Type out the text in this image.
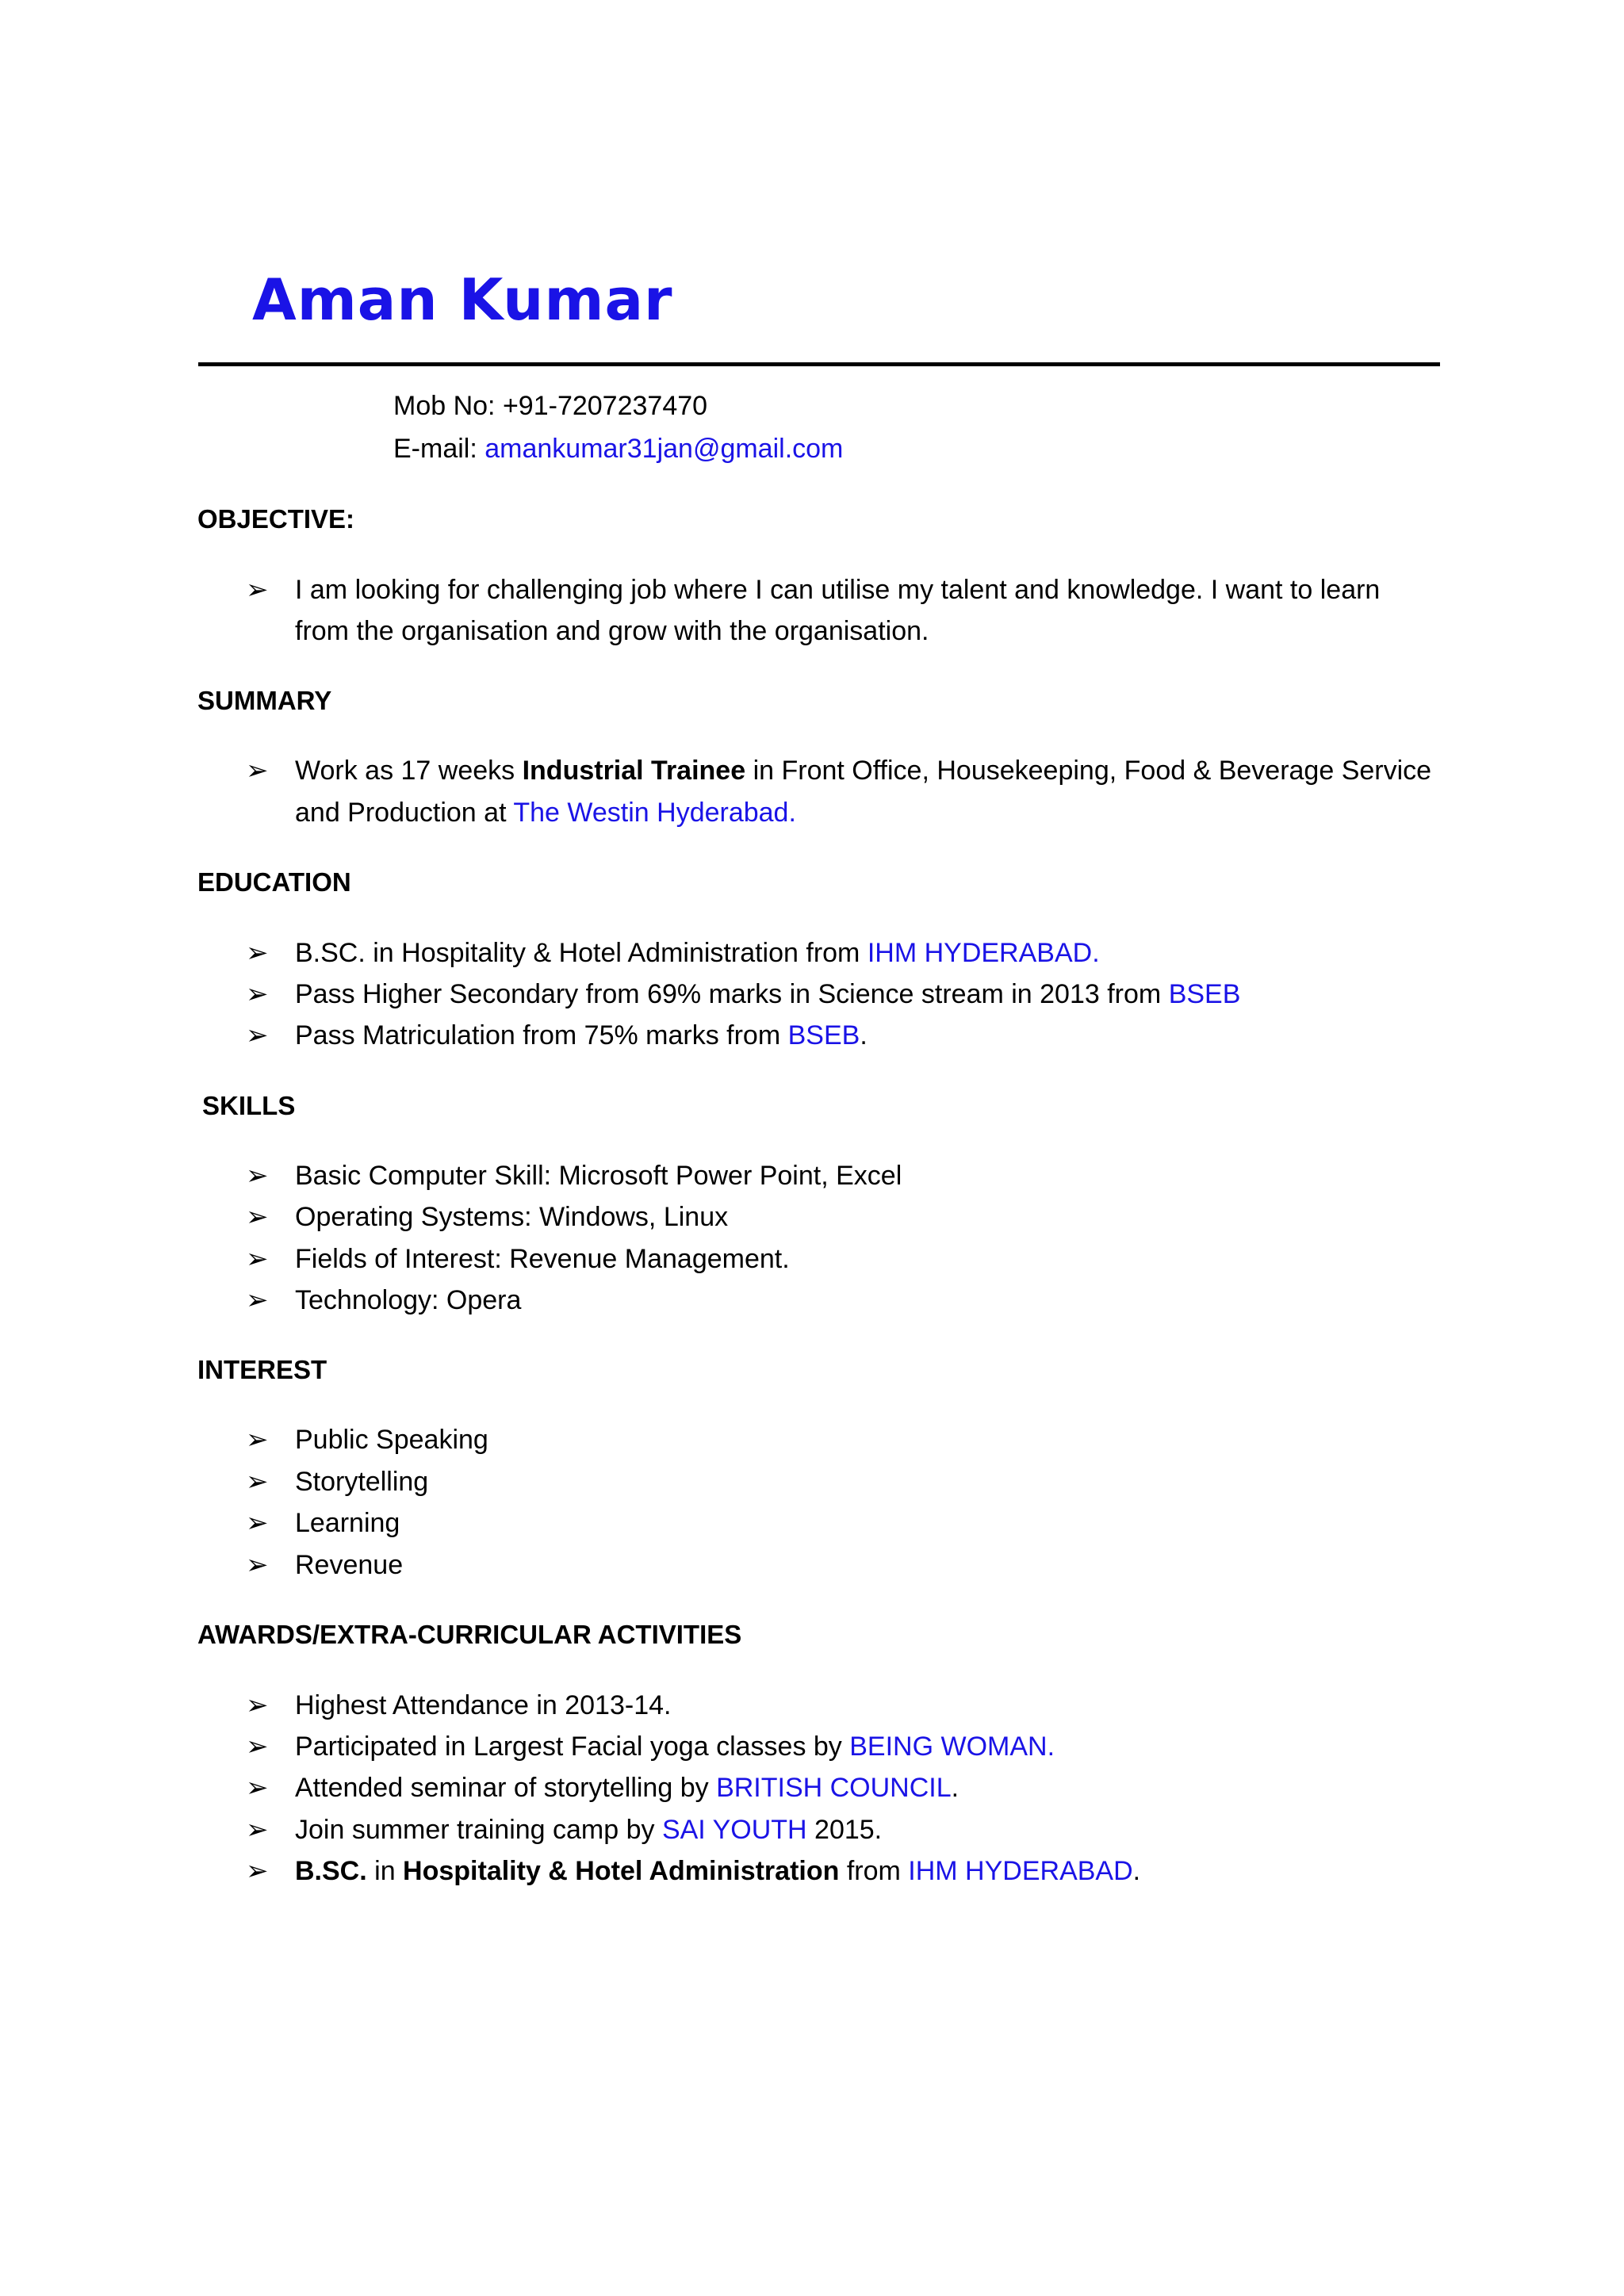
Aman Kumar
Mob No: +91-7207237470
E-mail: amankumar31jan@gmail.com
OBJECTIVE:
➢ I am looking for challenging job where I can utilise my talent and knowledge. I want to learn
from the organisation and grow with the organisation.
SUMMARY
➢ Work as 17 weeks Industrial Trainee in Front Office, Housekeeping, Food & Beverage Service
and Production at The Westin Hyderabad.
EDUCATION
➢ B.SC. in Hospitality & Hotel Administration from IHM HYDERABAD.
➢ Pass Higher Secondary from 69% marks in Science stream in 2013 from BSEB
➢ Pass Matriculation from 75% marks from BSEB.
SKILLS
➢ Basic Computer Skill: Microsoft Power Point, Excel
➢ Operating Systems: Windows, Linux
➢ Fields of Interest: Revenue Management.
➢ Technology: Opera
INTEREST
➢ Public Speaking
➢ Storytelling
➢ Learning
➢ Revenue
AWARDS/EXTRA-CURRICULAR ACTIVITIES
➢ Highest Attendance in 2013-14.
➢ Participated in Largest Facial yoga classes by BEING WOMAN.
➢ Attended seminar of storytelling by BRITISH COUNCIL.
➢ Join summer training camp by SAI YOUTH 2015.
➢ B.SC. in Hospitality & Hotel Administration from IHM HYDERABAD.
